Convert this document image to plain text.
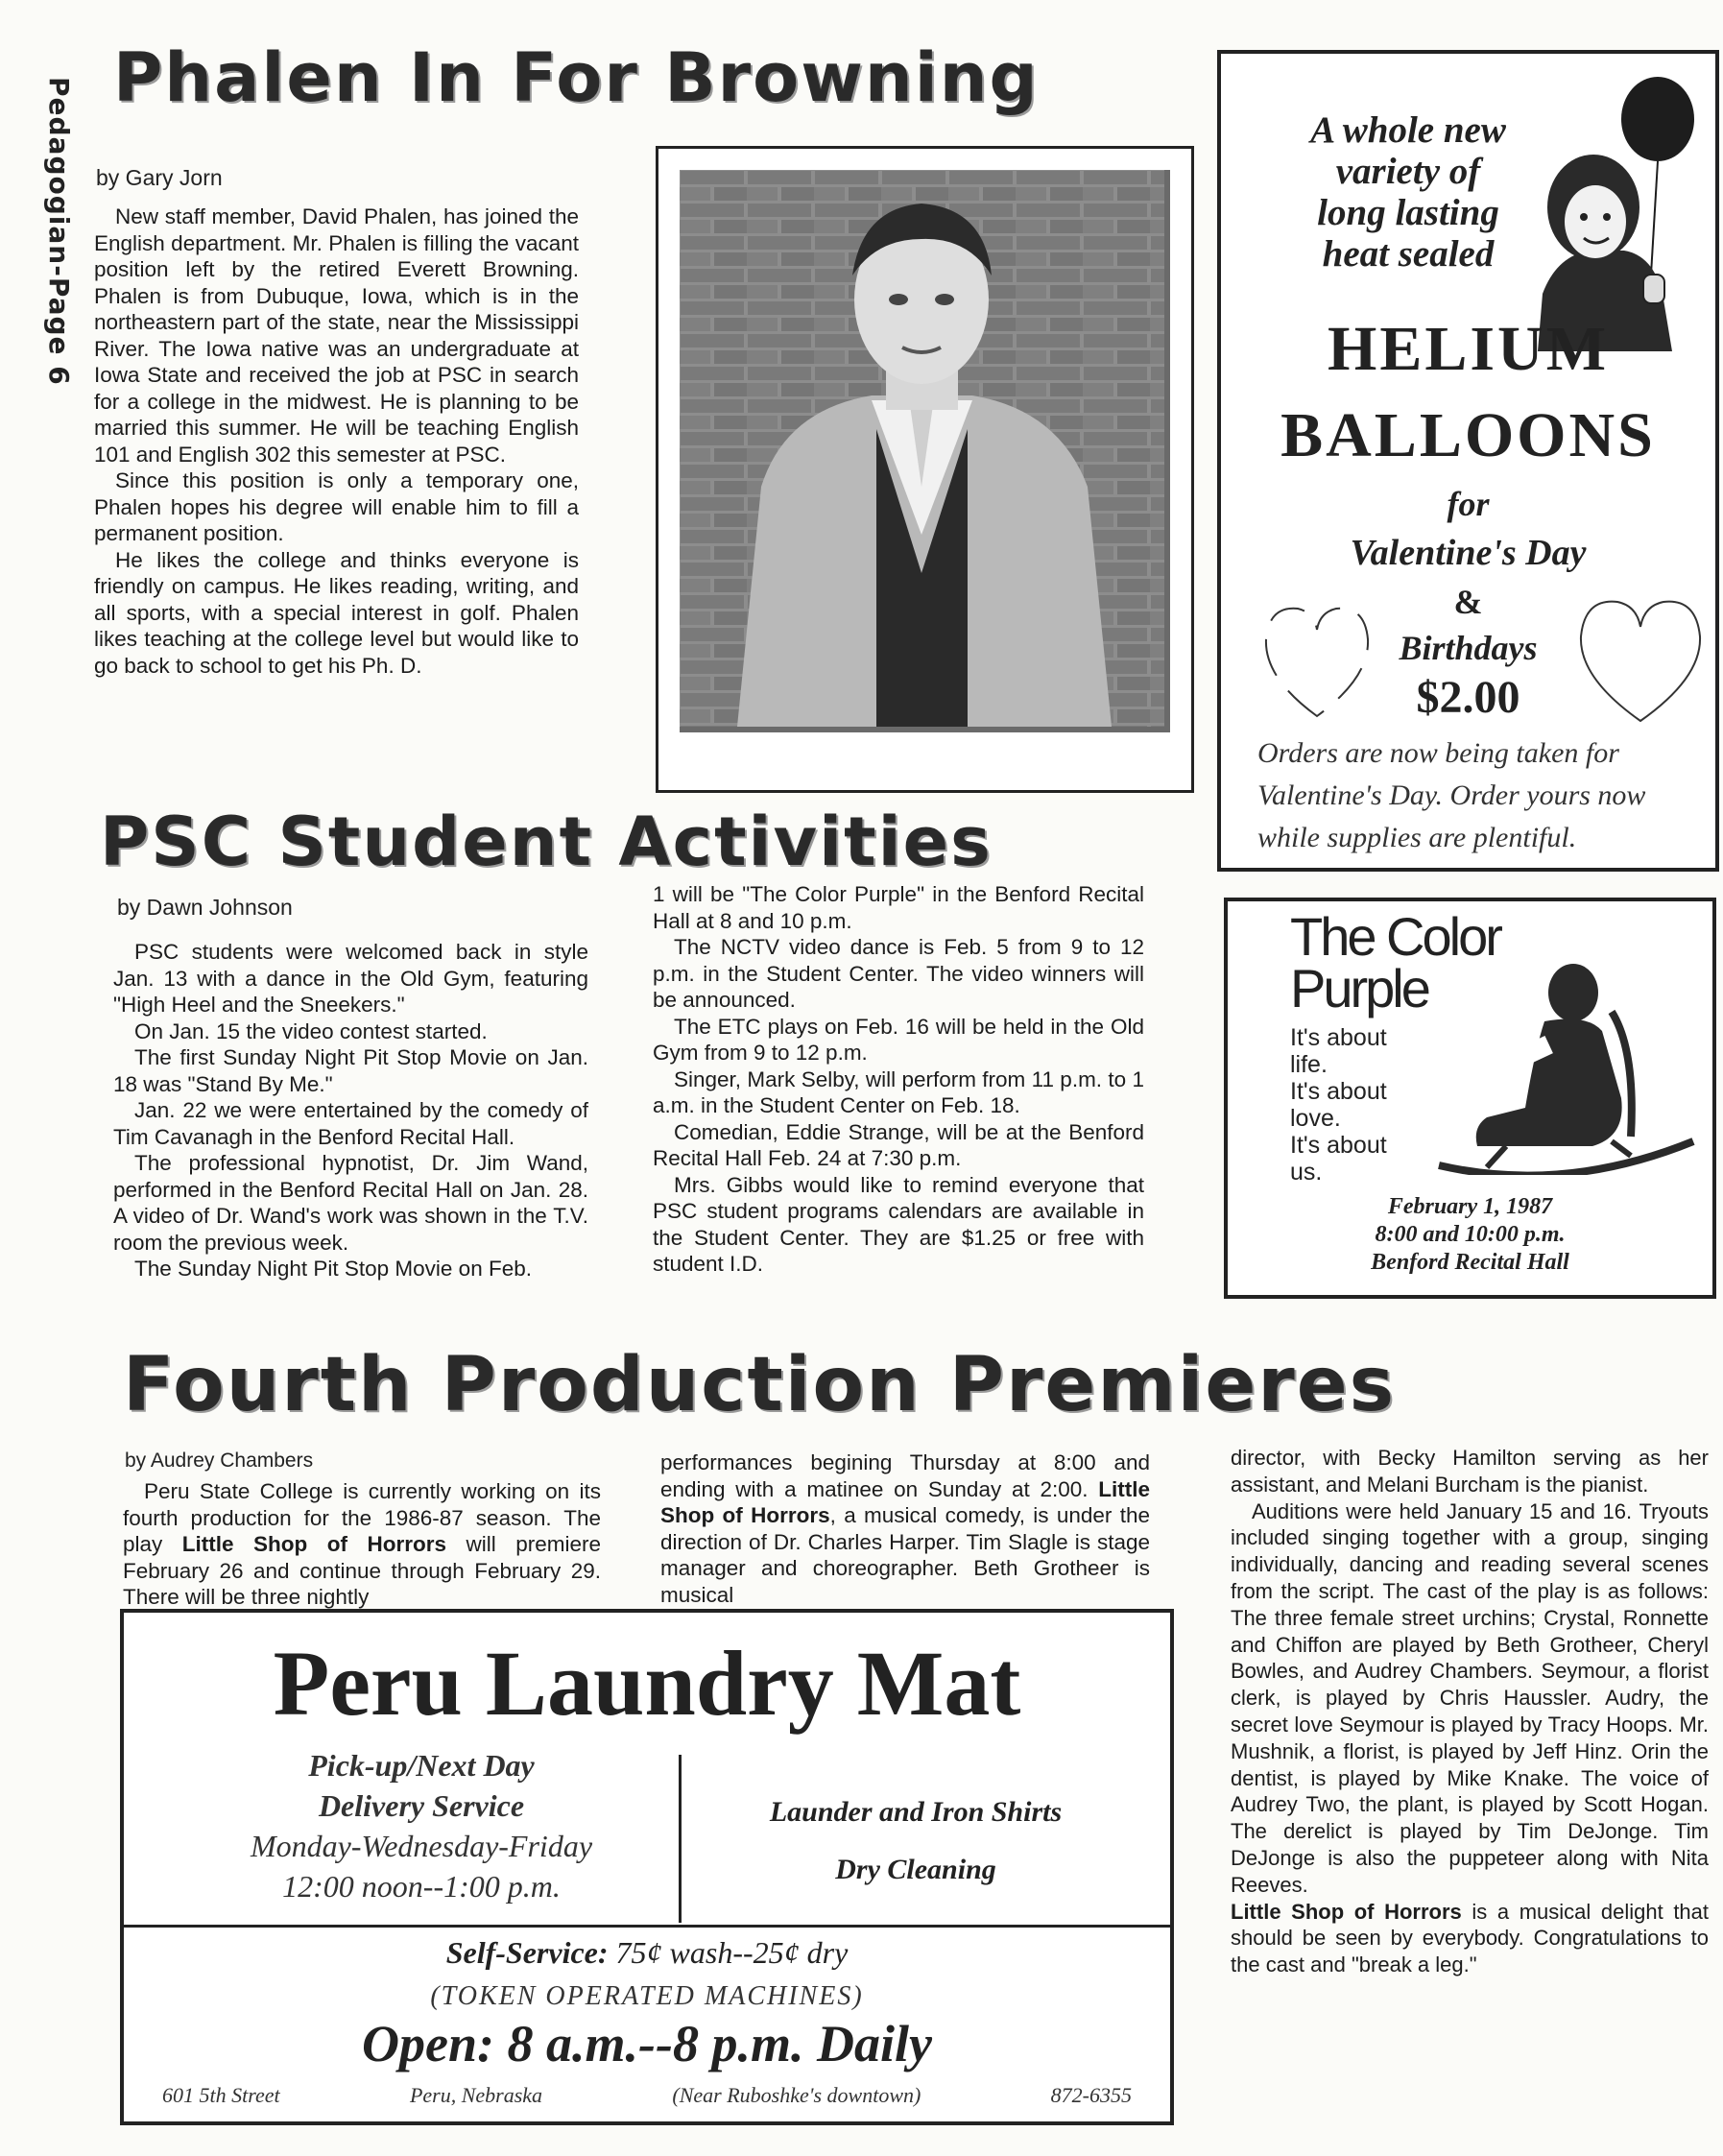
Pedagogian-Page 6 Phalen In For Browning
by Gary Jorn

New staff member, David Phalen, has joined the English department. Mr. Phalen is filling the vacant position left by the retired Everett Browning. Phalen is from Dubuque, Iowa, which is in the northeastern part of the state, near the Mississippi River. The Iowa native was an undergraduate at Iowa State and received the job at PSC in search for a college in the midwest. He is planning to be married this summer. He will be teaching English 101 and English 302 this semester at PSC.

Since this position is only a temporary one, Phalen hopes his degree will enable him to fill a permanent position.

He likes the college and thinks everyone is friendly on campus. He likes reading, writing, and all sports, with a special interest in golf. Phalen likes teaching at the college level but would like to go back to school to get his Ph. D.

A whole new
variety of
long lasting
heat sealed
HELIUM
BALLOONS
for
Valentine's Day
&
Birthdays
$2.00
Orders are now being taken for Valentine's Day. Order yours now while supplies are plentiful.
PSC Student Activities
by Dawn Johnson

PSC students were welcomed back in style Jan. 13 with a dance in the Old Gym, featuring "High Heel and the Sneekers."

On Jan. 15 the video contest started.

The first Sunday Night Pit Stop Movie on Jan. 18 was "Stand By Me."

Jan. 22 we were entertained by the comedy of Tim Cavanagh in the Benford Recital Hall.

The professional hypnotist, Dr. Jim Wand, performed in the Benford Recital Hall on Jan. 28. A video of Dr. Wand's work was shown in the T.V. room the previous week.

The Sunday Night Pit Stop Movie on Feb.

1 will be "The Color Purple" in the Benford Recital Hall at 8 and 10 p.m.

The NCTV video dance is Feb. 5 from 9 to 12 p.m. in the Student Center. The video winners will be announced.

The ETC plays on Feb. 16 will be held in the Old Gym from 9 to 12 p.m.

Singer, Mark Selby, will perform from 11 p.m. to 1 a.m. in the Student Center on Feb. 18.

Comedian, Eddie Strange, will be at the Benford Recital Hall Feb. 24 at 7:30 p.m.

Mrs. Gibbs would like to remind everyone that PSC student programs calendars are available in the Student Center. They are $1.25 or free with student I.D.

The Color
Purple
It's about
life.
It's about
love.
It's about
us.
February 1, 1987
8:00 and 10:00 p.m.
Benford Recital Hall
Fourth Production Premieres
by Audrey Chambers

Peru State College is currently working on its fourth production for the 1986-87 season. The play Little Shop of Horrors will premiere February 26 and continue through February 29. There will be three nightly

performances begining Thursday at 8:00 and ending with a matinee on Sunday at 2:00. Little Shop of Horrors, a musical comedy, is under the direction of Dr. Charles Harper. Tim Slagle is stage manager and choreographer. Beth Grotheer is musical

director, with Becky Hamilton serving as her assistant, and Melani Burcham is the pianist.

Auditions were held January 15 and 16. Tryouts included singing together with a group, singing individually, dancing and reading several scenes from the script. The cast of the play is as follows: The three female street urchins; Crystal, Ronnette and Chiffon are played by Beth Grotheer, Cheryl Bowles, and Audrey Chambers. Seymour, a florist clerk, is played by Chris Haussler. Audry, the secret love Seymour is played by Tracy Hoops. Mr. Mushnik, a florist, is played by Jeff Hinz. Orin the dentist, is played by Mike Knake. The voice of Audrey Two, the plant, is played by Scott Hogan. The derelict is played by Tim DeJonge. Tim DeJonge is also the puppeteer along with Nita Reeves.

Little Shop of Horrors is a musical delight that should be seen by everybody. Congratulations to the cast and "break a leg."

Peru Laundry Mat
Pick-up/Next Day
Delivery Service
Monday-Wednesday-Friday
12:00 noon--1:00 p.m.
Launder and Iron Shirts
Dry Cleaning
Self-Service: 75¢ wash--25¢ dry
(TOKEN OPERATED MACHINES)
Open: 8 a.m.--8 p.m. Daily
601 5th Street	Peru, Nebraska	(Near Ruboshke's downtown)	872-6355
